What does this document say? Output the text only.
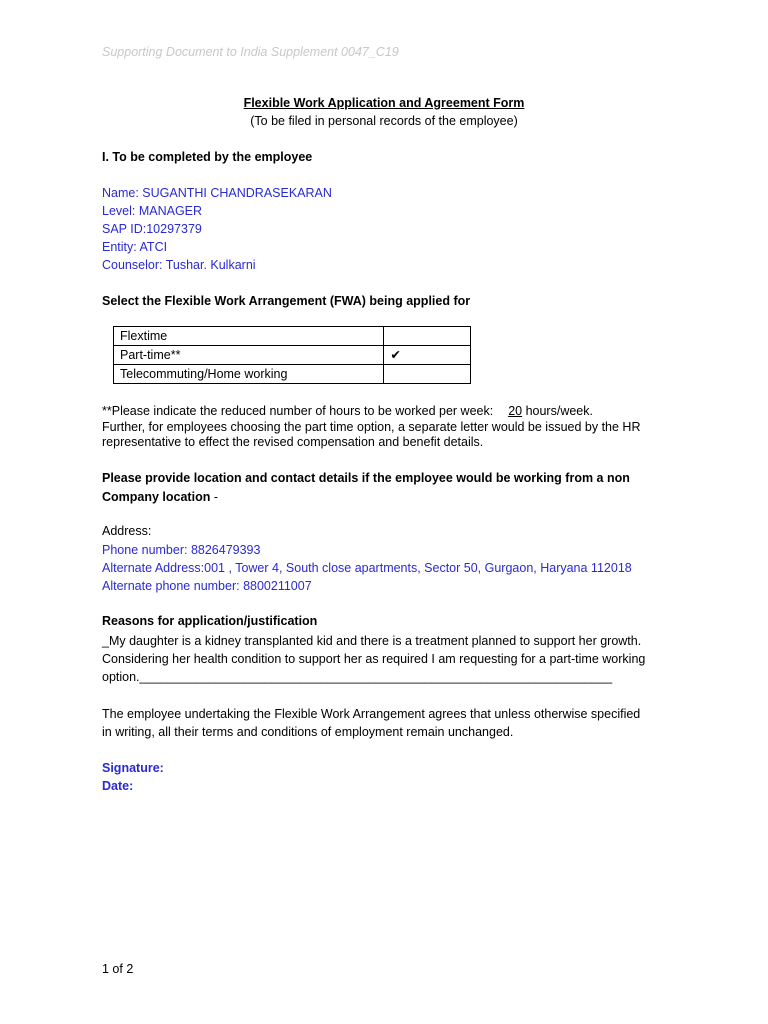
Supporting Document to India Supplement 0047_C19
Flexible Work Application and Agreement Form
(To be filed in personal records of the employee)
I. To be completed by the employee
Name: SUGANTHI CHANDRASEKARAN
Level: MANAGER
SAP ID:10297379
Entity: ATCI
Counselor: Tushar. Kulkarni
Select the Flexible Work Arrangement (FWA) being applied for
Flextime	
Part-time**	✔
Telecommuting/Home working	
**Please indicate the reduced number of hours to be worked per week: 20 hours/week.
Further, for employees choosing the part time option, a separate letter would be issued by the HR
representative to effect the revised compensation and benefit details.
Please provide location and contact details if the employee would be working from a non
Company location -
Address:
Phone number: 8826479393
Alternate Address:001 , Tower 4, South close apartments, Sector 50, Gurgaon, Haryana 112018
Alternate phone number: 8800211007
Reasons for application/justification
_My daughter is a kidney transplanted kid and there is a treatment planned to support her growth.
Considering her health condition to support her as required I am requesting for a part-time working
option.____________________________________________________________________
The employee undertaking the Flexible Work Arrangement agrees that unless otherwise specified
in writing, all their terms and conditions of employment remain unchanged.
Signature:
Date:
1 of 2
